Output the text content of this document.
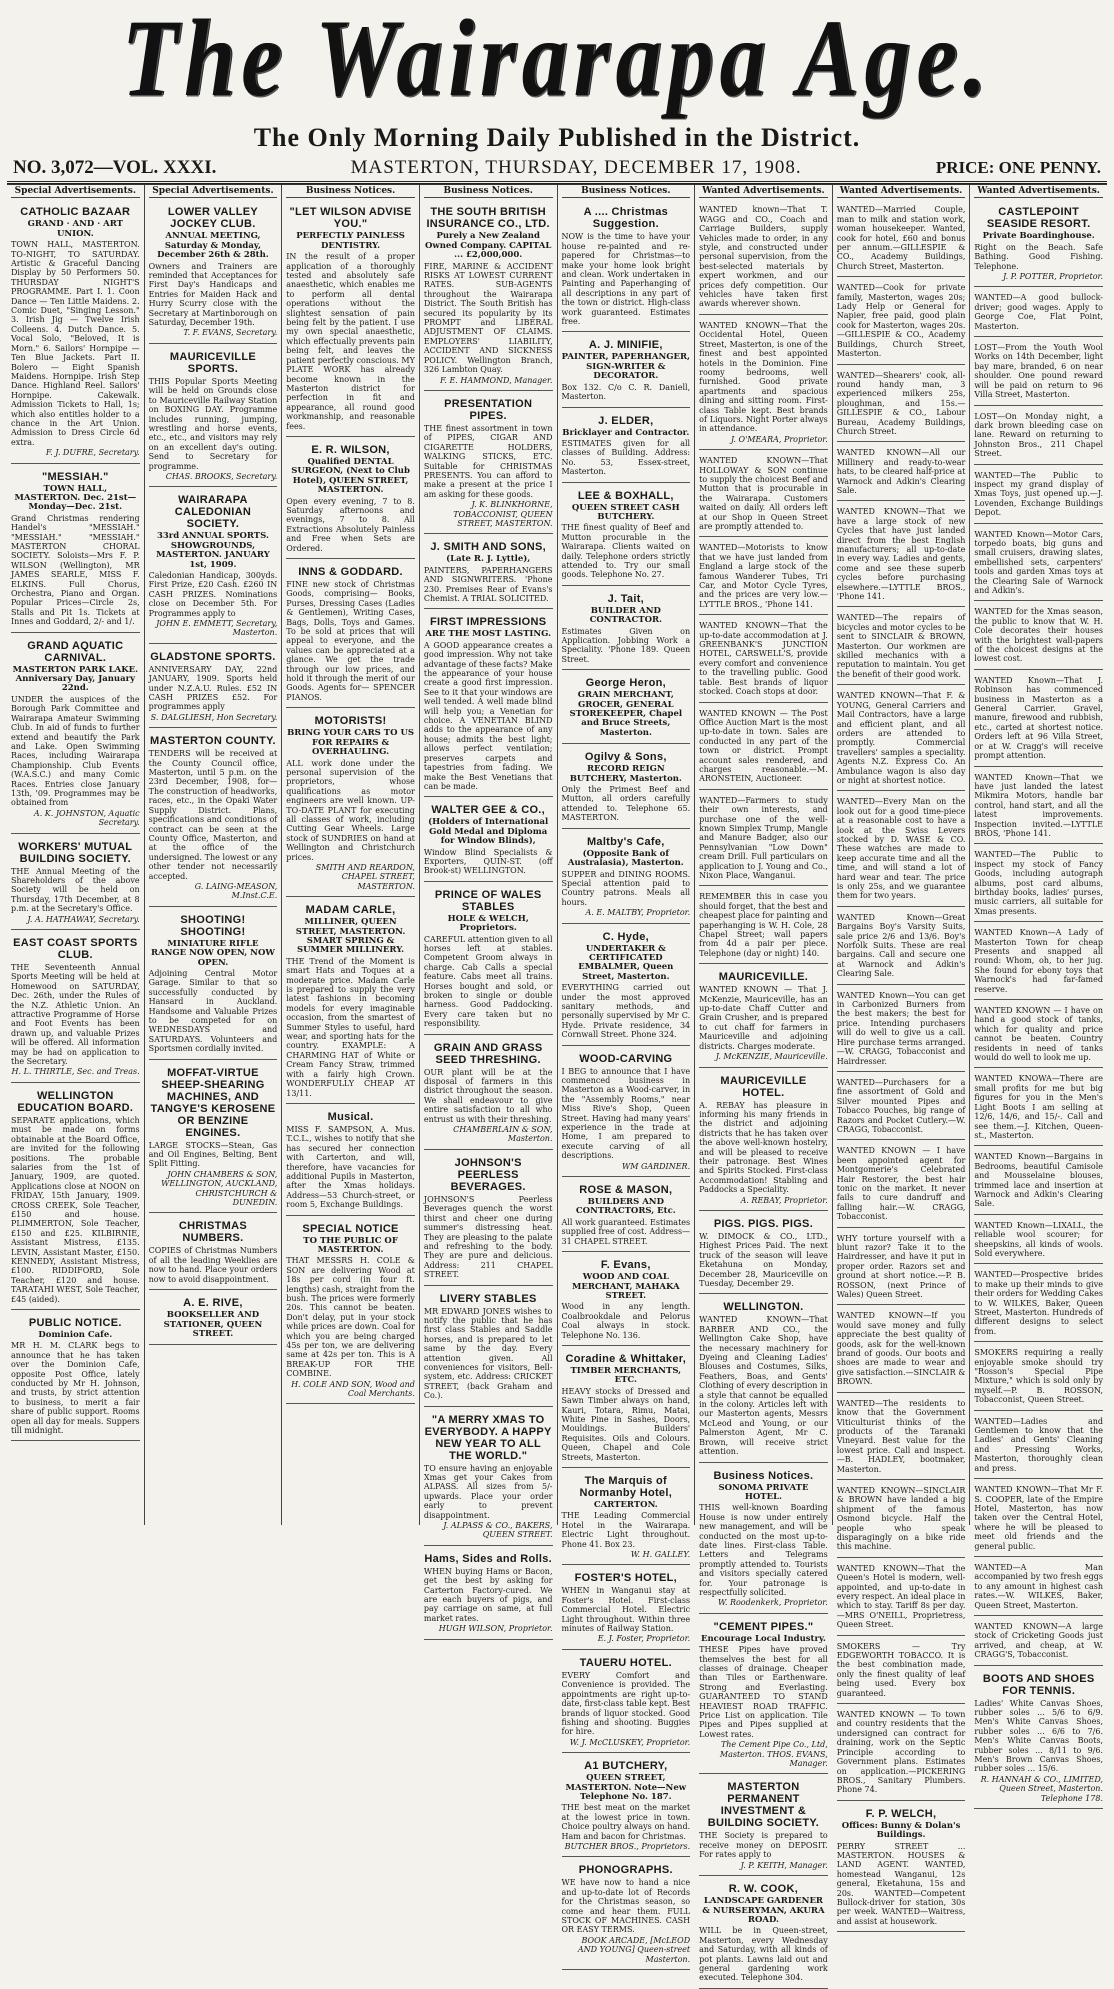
The Wairarapa Age.
The Only Morning Daily Published in the District.
NO. 3,072—VOL. XXXI.	MASTERTON, THURSDAY, DECEMBER 17, 1908.	PRICE: ONE PENNY.
Special Advertisements.
CATHOLIC BAZAAR
GRAND · AND · ART UNION.

TOWN HALL, MASTERTON. TO-NIGHT, TO SATURDAY. Artistic & Graceful Dancing Display by 50 Performers 50. THURSDAY NIGHT'S PROGRAMME. Part I. 1. Coon Dance — Ten Little Maidens. 2. Comic Duet, "Singing Lesson." 3. Irish Jig — Twelve Irish Colleens. 4. Dutch Dance. 5. Vocal Solo, "Beloved, It is Morn." 6. Sailors' Hornpipe — Ten Blue Jackets. Part II. Bolero — Eight Spanish Maidens. Hornpipe. Irish Step Dance. Highland Reel. Sailors' Hornpipe. Cakewalk. Admission Tickets to Hall, 1s; which also entitles holder to a chance in the Art Union. Admission to Dress Circle 6d extra.

F. J. DUFRE, Secretary.

"MESSIAH."
TOWN HALL, MASTERTON. Dec. 21st—Monday—Dec. 21st.

Grand Christmas rendering Handel's "MESSIAH." "MESSIAH." "MESSIAH." MASTERTON CHORAL SOCIETY. Soloists—Mrs F. P. WILSON (Wellington), MR JAMES SEARLE, MISS F. ELKINS. Full Chorus, Orchestra, Piano and Organ. Popular Prices—Circle 2s, Stalls and Pit 1s. Tickets at Innes and Goddard, 2/- and 1/.

GRAND AQUATIC CARNIVAL.
MASTERTON PARK LAKE. Anniversary Day, January 22nd.

UNDER the auspices of the Borough Park Committee and Wairarapa Amateur Swimming Club. In aid of funds to further extend and beautify the Park and Lake. Open Swimming Races, including Wairarapa Championship. Club Events (W.A.S.C.) and many Comic Races. Entries close January 13th, '09. Programmes may be obtained from

A. K. JOHNSTON, Aquatic Secretary.

WORKERS' MUTUAL BUILDING SOCIETY.

THE Annual Meeting of the Shareholders of the above Society will be held on Thursday, 17th December, at 8 p.m. at the Secretary's Office.

J. A. HATHAWAY, Secretary.

EAST COAST SPORTS CLUB.

THE Seventeenth Annual Sports Meeting will be held at Homewood on SATURDAY, Dec. 26th, under the Rules of the N.Z. Athletic Union. An attractive Programme of Horse and Foot Events has been drawn up, and valuable Prizes will be offered. All information may be had on application to the Secretary.

H. L. THIRTLE, Sec. and Treas.

WELLINGTON EDUCATION BOARD.

SEPARATE applications, which must be made on forms obtainable at the Board Office, are invited for the following positions. The probable salaries from the 1st of January, 1909, are quoted. Applications close at NOON on FRIDAY, 15th January, 1909. CROSS CREEK, Sole Teacher, £150 and house. PLIMMERTON, Sole Teacher, £150 and £25. KILBIRNIE, Assistant Mistress, £135. LEVIN, Assistant Master, £150. KENNEDY, Assistant Mistress, £100. RIDDIFORD, Sole Teacher, £120 and house. TARATAHI WEST, Sole Teacher, £45 (aided).

PUBLIC NOTICE.
Dominion Cafe.

MR H. M. CLARK begs to announce that he has taken over the Dominion Cafe, opposite Post Office, lately conducted by Mr H. Johnson, and trusts, by strict attention to business, to merit a fair share of public support. Rooms open all day for meals. Suppers till midnight.

Special Advertisements.
LOWER VALLEY JOCKEY CLUB.
ANNUAL MEETING, Saturday & Monday, December 26th & 28th.

Owners and Trainers are reminded that Acceptances for First Day's Handicaps and Entries for Maiden Hack and Hurry Scurry close with the Secretary at Martinborough on Saturday, December 19th.

T. F. EVANS, Secretary.

MAURICEVILLE SPORTS.

THIS Popular Sports Meeting will be held on Grounds close to Mauriceville Railway Station on BOXING DAY. Programme includes running, jumping, wrestling and horse events, etc., etc., and visitors may rely on an excellent day's outing. Send to Secretary for programme.

CHAS. BROOKS, Secretary.

WAIRARAPA CALEDONIAN SOCIETY.
33rd ANNUAL SPORTS. SHOWGROUNDS, MASTERTON. JANUARY 1st, 1909.

Caledonian Handicap, 300yds. First Prize, £20 Cash. £260 IN CASH PRIZES. Nominations close on December 5th. For Programmes apply to

JOHN E. EMMETT, Secretary, Masterton.

GLADSTONE SPORTS.

ANNIVERSARY DAY, 22nd JANUARY, 1909. Sports held under N.Z.A.U. Rules. £52 IN CASH PRIZES £52. For programmes apply

S. DALGLIESH, Hon Secretary.

MASTERTON COUNTY.

TENDERS will be received at the County Council office, Masterton, until 5 p.m. on the 23rd December, 1908, for— The construction of headworks, races, etc., in the Opaki Water Supply District. Plans, specifications and conditions of contract can be seen at the County Office, Masterton, and at the office of the undersigned. The lowest or any other tender not necessarily accepted.

G. LAING-MEASON, M.Inst.C.E.

SHOOTING! SHOOTING!
MINIATURE RIFLE RANGE NOW OPEN, NOW OPEN.

Adjoining Central Motor Garage. Similar to that so successfully conducted by Hansard in Auckland. Handsome and Valuable Prizes to be competed for on WEDNESDAYS and SATURDAYS. Volunteers and Sportsmen cordially invited.

MOFFAT-VIRTUE SHEEP-SHEARING MACHINES, AND TANGYE'S KEROSENE OR BENZINE ENGINES.

LARGE STOCKS—Stean, Gas and Oil Engines, Belting, Bent Split Fitting.

JOHN CHAMBERS & SON, WELLINGTON, AUCKLAND, CHRISTCHURCH & DUNEDIN.

CHRISTMAS NUMBERS.

COPIES of Christmas Numbers of all the leading Weeklies are now to hand. Place your orders now to avoid disappointment.

A. E. RIVE,
BOOKSELLER AND STATIONER, QUEEN STREET.
Business Notices.
"LET WILSON ADVISE YOU."
PERFECTLY PAINLESS DENTISTRY.

IN the result of a proper application of a thoroughly tested and absolutely safe anaesthetic, which enables me to perform all dental operations without the slightest sensation of pain being felt by the patient. I use my own special anaesthetic, which effectually prevents pain being felt, and leaves the patient perfectly conscious. MY PLATE WORK has already become known in the Masterton district for perfection in fit and appearance, all round good workmanship, and reasonable fees.

E. R. WILSON,
Qualified DENTAL SURGEON, (Next to Club Hotel), QUEEN STREET, MASTERTON.

Open every evening, 7 to 8. Saturday afternoons and evenings, 7 to 8. All Extractions Absolutely Painless and Free when Sets are Ordered.

INNS & GODDARD.

FINE new stock of Christmas Goods, comprising— Books, Purses, Dressing Cases (Ladies & Gentlemen), Writing Cases, Bags, Dolls, Toys and Games. To be sold at prices that will appeal to everyone, and the values can be appreciated at a glance. We get the trade through our low prices, and hold it through the merit of our Goods. Agents for— SPENCER PIANOS.

MOTORISTS!
BRING YOUR CARS TO US FOR REPAIRS & OVERHAULING.

ALL work done under the personal supervision of the proprietors, whose qualifications as motor engineers are well known. UP-TO-DATE PLANT for executing all classes of work, including Cutting Gear Wheels. Large stock of SUNDRIES on hand at Wellington and Christchurch prices.

SMITH AND REARDON, CHAPEL STREET, MASTERTON.

MADAM CARLE,
MILLINER, QUEEN STREET, MASTERTON. SMART SPRING & SUMMER MILLINERY.

THE Trend of the Moment is smart Hats and Toques at a moderate price. Madam Carle is prepared to supply the very latest fashions in becoming models for every imaginable occasion, from the smartest of Summer Styles to useful, hard wear, and sporting hats for the country. EXAMPLE: A CHARMING HAT of White or Cream Fancy Straw, trimmed with a fairly high Crown. WONDERFULLY CHEAP AT 13/11.

Musical.

MISS F. SAMPSON, A. Mus. T.C.L., wishes to notify that she has secured her connection with Carterton, and will, therefore, have vacancies for additional Pupils in Masterton, after the Xmas holidays. Address—53 Church-street, or room 5, Exchange Buildings.

SPECIAL NOTICE
TO THE PUBLIC OF MASTERTON.

THAT MESSRS H. COLE & SON are delivering Wood at 18s per cord (in four ft. lengths) cash, straight from the bush. The prices were formerly 20s. This cannot be beaten. Don't delay, put in your stock while prices are down. Coal for which you are being charged 45s per ton, we are delivering same at 42s per ton. This is A BREAK-UP FOR THE COMBINE.

H. COLE AND SON, Wood and Coal Merchants.

Business Notices.
THE SOUTH BRITISH INSURANCE CO., LTD.
Purely a New Zealand Owned Company. CAPITAL ... £2,000,000.

FIRE, MARINE & ACCIDENT RISKS AT LOWEST CURRENT RATES. SUB-AGENTS throughout the Wairarapa District. The South British has secured its popularity by its PROMPT and LIBERAL ADJUSTMENT OF CLAIMS. EMPLOYERS' LIABILITY, ACCIDENT AND SICKNESS POLICY. Wellington Branch, 326 Lambton Quay.

F. E. HAMMOND, Manager.

PRESENTATION PIPES.

THE finest assortment in town of PIPES, CIGAR AND CIGARETTE HOLDERS, WALKING STICKS, ETC. Suitable for CHRISTMAS PRESENTS. You can afford to make a present at the price I am asking for these goods.

J. K. BLINKHORNE, TOBACCONIST, QUEEN STREET, MASTERTON.

J. SMITH AND SONS,
(Late R. J. Lyttle),

PAINTERS, PAPERHANGERS AND SIGNWRITERS. 'Phone 230. Premises Rear of Evans's Chemist. A TRIAL SOLICITED.

FIRST IMPRESSIONS
ARE THE MOST LASTING.

A GOOD appearance creates a good impression. Why not take advantage of these facts? Make the appearance of your house create a good first impression. See to it that your windows are well tended. A well made blind will help you; a Venetian for choice. A VENETIAN BLIND adds to the appearance of any house; admits the best light; allows perfect ventilation; preserves carpets and tapestries from fading. We make the Best Venetians that can be made.

WALTER GEE & CO.,
(Holders of International Gold Medal and Diploma for Window Blinds),

Window Blind Specialists & Exporters, QUIN-ST. (off Brook-st) WELLINGTON.

PRINCE OF WALES STABLES
HOLE & WELCH, Proprietors.

CAREFUL attention given to all horses left at stables. Competent Groom always in charge. Cab Calls a special feature. Cabs meet all trains. Horses bought and sold, or broken to single or double harness. Good Paddocking. Every care taken but no responsibility.

GRAIN AND GRASS SEED THRESHING.

OUR plant will be at the disposal of farmers in this district throughout the season. We shall endeavour to give entire satisfaction to all who entrust us with their threshing.

CHAMBERLAIN & SON, Masterton.

JOHNSON'S PEERLESS BEVERAGES.

JOHNSON'S Peerless Beverages quench the worst thirst and cheer one during summer's distressing heat. They are pleasing to the palate and refreshing to the body. They are pure and delicious. Address: 211 CHAPEL STREET.

LIVERY STABLES

MR EDWARD JONES wishes to notify the public that he has first class Stables and Saddle horses, and is prepared to let same by the day. Every attention given. All conveniences for visitors, Bell-system, etc. Address: CRICKET STREET, (back Graham and Co.).

"A MERRY XMAS TO EVERYBODY. A HAPPY NEW YEAR TO ALL THE WORLD."

TO ensure having an enjoyable Xmas get your Cakes from ALPASS. All sizes from 5/- upwards. Place your order early to prevent disappointment.

J. ALPASS & CO., BAKERS, QUEEN STREET.

Hams, Sides and Rolls.

WHEN buying Hams or Bacon, get the best by asking for Carterton Factory-cured. We are each buyers of pigs, and pay carriage on same, at full market rates.

HUGH WILSON, Proprietor.

Business Notices.
A .... Christmas Suggestion.

NOW is the time to have your house re-painted and re-papered for Christmas—to make your home look bright and clean. Work undertaken in Painting and Paperhanging of all descriptions in any part of the town or district. High-class work guaranteed. Estimates free.

A. J. MINIFIE,
PAINTER, PAPERHANGER, SIGN-WRITER & DECORATOR.

Box 132. C/o C. R. Daniell, Masterton.

J. ELDER,
Bricklayer and Contractor.

ESTIMATES given for all classes of Building. Address: No. 53, Essex-street, Masterton.

LEE & BOXHALL,
QUEEN STREET CASH BUTCHERY.

THE finest quality of Beef and Mutton procurable in the Wairarapa. Clients waited on daily. Telephone orders strictly attended to. Try our small goods. Telephone No. 27.

J. Tait,
BUILDER AND CONTRACTOR.

Estimates Given on Application. Jobbing Work a Speciality. 'Phone 189. Queen Street.

George Heron,
GRAIN MERCHANT, GROCER, GENERAL STOREKEEPER, Chapel and Bruce Streets, Masterton.
Ogilvy & Sons,
RECORD REIGN BUTCHERY, Masterton.

Only the Primest Beef and Mutton, all orders carefully attended to. Telephone 65. MASTERTON.

Maltby's Cafe,
(Opposite Bank of Australasia), Masterton.

SUPPER and DINING ROOMS. Special attention paid to Country patrons. Meals all hours.

A. E. MALTBY, Proprietor.

C. Hyde,
UNDERTAKER & CERTIFICATED EMBALMER, Queen Street, Masterton.

EVERYTHING carried out under the most approved sanitary methods, and personally supervised by Mr C. Hyde. Private residence, 34 Cornwall Street. Phone 324.

WOOD-CARVING

I BEG to announce that I have commenced business in Masterton as a Wood-carver, in the "Assembly Rooms," near Miss Rive's Shop, Queen Street. Having had many years' experience in the trade at Home, I am prepared to execute carving of all descriptions.

WM GARDINER.

ROSE & MASON,
BUILDERS AND CONTRACTORS, Etc.

All work guaranteed. Estimates supplied free of cost. Address— 31 CHAPEL STREET.

F. Evans,
WOOD AND COAL MERCHANT, MAHAKA STREET.

Wood in any length. Coalbrookdale and Pelorus Coal always in stock. Telephone No. 136.

Coradine & Whittaker,
TIMBER MERCHANTS, ETC.

HEAVY stocks of Dressed and Sawn Timber always on hand, Kauri, Totara, Rimu, Matai, White Pine in Sashes, Doors, Mouldings. Builders' Requisites. Oils and Colours. Queen, Chapel and Cole Streets, Masterton.

The Marquis of Normanby Hotel,
CARTERTON.

THE Leading Commercial Hotel in the Wairarapa. Electric Light throughout. Phone 41. Box 23.

W. H. GALLEY.

FOSTER'S HOTEL,

WHEN in Wanganui stay at Foster's Hotel. First-class Commercial Hotel. Electric Light throughout. Within three minutes of Railway Station.

E. J. Foster, Proprietor.

TAUERU HOTEL.

EVERY Comfort and Convenience is provided. The appointments are right up-to-date, first-class table kept. Best brands of liquor stocked. Good fishing and shooting. Buggies for hire.

W. J. McCLUSKEY, Proprietor.

A1 BUTCHERY,
QUEEN STREET, MASTERTON. Note—New Telephone No. 187.

THE best meat on the market at the lowest price in town. Choice poultry always on hand. Ham and bacon for Christmas.

BUTCHER BROS., Proprietors.

PHONOGRAPHS.

WE have now to hand a nice and up-to-date lot of Records for the Christmas season, so come and hear them. FULL STOCK OF MACHINES. CASH OR EASY TERMS.

BOOK ARCADE, [McLEOD AND YOUNG] Queen-street Masterton.

Wanted Advertisements.

WANTED known—That T. WAGG and CO., Coach and Carriage Builders, supply Vehicles made to order, in any style, and constructed under personal supervision, from the best-selected materials by expert workmen, and our prices defy competition. Our vehicles have taken first awards wherever shown.

WANTED KNOWN—That the Occidental Hotel, Queen Street, Masterton, is one of the finest and best appointed hotels in the Dominion. Fine roomy bedrooms, well furnished. Good private apartments and spacious dining and sitting room. First-class Table kept. Best brands of Liquors. Night Porter always in attendance.

J. O'MEARA, Proprietor.

WANTED KNOWN—That HOLLOWAY & SON continue to supply the choicest Beef and Mutton that is procurable in the Wairarapa. Customers waited on daily. All orders left at our Shop in Queen Street are promptly attended to.

WANTED—Motorists to know that we have just landed from England a large stock of the famous Wanderer Tubes, Tri Car, and Motor Cycle Tyres, and the prices are very low.—LYTTLE BROS., 'Phone 141.

WANTED KNOWN—That the up-to-date accommodation at J. GREENBANK'S JUNCTION HOTEL, CARSWELL'S, provide every comfort and convenience to the travelling public. Good table. Best brands of liquor stocked. Coach stops at door.

WANTED KNOWN — The Post Office Auction Mart is the most up-to-date in town. Sales are conducted in any part of the town or district. Prompt account sales rendered, and charges reasonable.—M. ARONSTEIN, Auctioneer.

WANTED—Farmers to study their own interests, and purchase one of the well-known Simplex Trump, Mangle and Manure Badger, also our Pennsylvanian "Low Down" cream Drill. Full particulars on application to J. Young and Co., Nixon Place, Wanganui.

REMEMBER this in case you should forget, that the best and cheapest place for painting and paperhanging is W. H. Cole, 28 Chapel Street; wall papers from 4d a pair per piece. Telephone (day or night) 140.

MAURICEVILLE.

WANTED KNOWN — That J. McKenzie, Mauriceville, has an up-to-date Chaff Cutter and Grain Crusher, and is prepared to cut chaff for farmers in Mauriceville and adjoining districts. Charges moderate.

J. McKENZIE, Mauriceville.

MAURICEVILLE HOTEL.

A. REBAY has pleasure in informing his many friends in the district and adjoining districts that he has taken over the above well-known hostelry, and will be pleased to receive their patronage. Best Wines and Spirits Stocked. First-class Accommodation! Stabling and Paddocks a Speciality.

A. REBAY, Proprietor.

PIGS. PIGS. PIGS.

W. DIMOCK & CO., LTD., Highest Prices Paid. The next truck of the season will leave Eketahuna on Monday, December 28, Mauriceville on Tuesday, December 29.

WELLINGTON.

WANTED KNOWN—That BARBER AND CO., the Wellington Cake Shop, have the necessary machinery for Dyeing and Cleaning Ladies' Blouses and Costumes, Silks, Feathers, Boas, and Gents' Clothing of every description in a style that cannot be equalled in the colony. Articles left with our Masterton agents, Messrs McLeod and Young, or our Palmerston Agent, Mr C. Brown, will receive strict attention.

Business Notices.
SONOMA PRIVATE HOTEL.

THIS well-known Boarding House is now under entirely new management, and will be conducted on the most up-to-date lines. First-class Table. Letters and Telegrams promptly attended to. Tourists and visitors specially catered for. Your patronage is respectfully solicited.

W. Roodenkerk, Proprietor.

"CEMENT PIPES."
Encourage Local Industry.

THESE Pipes have proved themselves the best for all classes of drainage. Cheaper than Tiles or Earthenware. Strong and Everlasting. GUARANTEED TO STAND HEAVIEST ROAD TRAFFIC. Price List on application. Tile Pipes and Pipes supplied at Lowest rates.

The Cement Pipe Co., Ltd, Masterton. THOS. EVANS, Manager.

MASTERTON PERMANENT INVESTMENT & BUILDING SOCIETY.

THE Society is prepared to receive money on DEPOSIT. For rates apply to

J. P. KEITH, Manager.

R. W. COOK,
LANDSCAPE GARDENER & NURSERYMAN, AKURA ROAD.

WILL be in Queen-street, Masterton, every Wednesday and Saturday, with all kinds of pot plants. Lawns laid out and general gardening work executed. Telephone 304.

Wanted Advertisements.

WANTED—Married Couple, man to milk and station work, woman housekeeper. Wanted, cook for hotel, £60 and bonus per annum.—GILLESPIE & CO., Academy Buildings, Church Street, Masterton.

WANTED—Cook for private family, Masterton, wages 20s; Lady Help or General for Napier, free paid, good plain cook for Masterton, wages 20s.—GILLESPIE & CO., Academy Buildings, Church Street, Masterton.

WANTED—Shearers' cook, all-round handy man, 3 experienced milkers 25s, ploughman, and 15s.—GILLESPIE & CO., Labour Bureau, Academy Buildings, Church Street.

WANTED KNOWN—All our Millinery and ready-to-wear hats, to be cleared half-price at Warnock and Adkin's Clearing Sale.

WANTED KNOWN—That we have a large stock of new Cycles that have just landed direct from the best English manufacturers; all up-to-date in every way. Ladies and gents, come and see these superb cycles before purchasing elsewhere.—LYTTLE BROS., 'Phone 141.

WANTED—The repairs of bicycles and motor cycles to be sent to SINCLAIR & BROWN, Masterton. Our workmen are skilled mechanics with a reputation to maintain. You get the benefit of their good work.

WANTED KNOWN—That F. & YOUNG, General Carriers and Mail Contractors, have a large and efficient plant, and all orders are attended to promptly. Commercial travellers' samples a speciality. Agents N.Z. Express Co. An Ambulance wagon is also day or night at shortest notice.

WANTED—Every Man on the look out for a good time-piece at a reasonable cost to have a look at the Swiss Levers stocked by D. WASE & CO. These watches are made to keep accurate time and all the time, and will stand a lot of hard wear and tear. The price is only 25s, and we guarantee them for two years.

WANTED Known—Great Bargains Boy's Varsity Suits, sale price 2/6 and 13/6. Boy's Norfolk Suits. These are real bargains. Call and secure one at Warnock and Adkin's Clearing Sale.

WANTED Known—You can get in Carbonized Burners from the best makers; the best for price. Intending purchasers will do well to give us a call. Hire purchase terms arranged.—W. CRAGG, Tobacconist and Hairdresser.

WANTED—Purchasers for a fine assortment of Gold and Silver mounted Pipes and Tobacco Pouches, big range of Razors and Pocket Cutlery.—W. CRAGG, Tobacconist.

WANTED KNOWN — I have been appointed agent for Montgomerie's Celebrated Hair Restorer, the best hair tonic on the market. It never fails to cure dandruff and falling hair.—W. CRAGG, Tobacconist.

WHY torture yourself with a blunt razor? Take it to the Hairdresser, and have it put in proper order. Razors set and ground at short notice.—P. B. ROSSON, (next Prince of Wales) Queen Street.

WANTED KNOWN—If you would save money and fully appreciate the best quality of goods, ask for the well-known brand of goods. Our boots and shoes are made to wear and give satisfaction.—SINCLAIR & BROWN.

WANTED—The residents to know that the Government Viticulturist thinks of the products of the Taranaki Vineyard. Best value for the lowest price. Call and inspect.—B. HADLEY, bootmaker, Masterton.

WANTED KNOWN—SINCLAIR & BROWN have landed a big shipment of the famous Osmond bicycle. Half the people who speak disparagingly on a bike ride this machine.

WANTED KNOWN—That the Queen's Hotel is modern, well-appointed, and up-to-date in every respect. An ideal place in which to stay. Tariff 8s per day.—MRS O'NEILL, Proprietress, Queen Street.

SMOKERS — Try EDGEWORTH TOBACCO. It is the best combination made, only the finest quality of leaf being used. Every box guaranteed.

WANTED KNOWN — To town and country residents that the undersigned can contract for draining, work on the Septic Principle according to Government plans. Estimates on application.—PICKERING BROS., Sanitary Plumbers. Phone 74.

F. P. WELCH,
Offices: Bunny & Dolan's Buildings.

PERRY STREET ... MASTERTON. HOUSES & LAND AGENT. WANTED, homestead Wanganui, 12s general, Eketahuna, 15s and 20s. WANTED—Competent Bullock-driver for station, 30s per week. WANTED—Waitress, and assist at housework.

Wanted Advertisements.
CASTLEPOINT SEASIDE RESORT.
Private Boardinghouse.

Right on the Beach. Safe Bathing. Good Fishing. Telephone.

J. P. POTTER, Proprietor.

WANTED—A good bullock-driver; good wages. Apply to George Coe, Flat Point, Masterton.

LOST—From the Youth Wool Works on 14th December, light bay mare, branded, 6 on near shoulder. One pound reward will be paid on return to 96 Villa Street, Masterton.

LOST—On Monday night, a dark brown bleeding case on lane. Reward on returning to Johnston Bros., 211 Chapel Street.

WANTED—The Public to inspect my grand display of Xmas Toys, just opened up.—J. Lovenden, Exchange Buildings Depot.

WANTED Known—Motor Cars, torpedo boats, big guns and small cruisers, drawing slates, embellished sets, carpenters' tools and garden Xmas toys at the Clearing Sale of Warnock and Adkin's.

WANTED for the Xmas season, the public to know that W. H. Cole decorates their houses with the brightest wall-papers of the choicest designs at the lowest cost.

WANTED Known—That J. Robinson has commenced business in Masterton as a General Carrier. Gravel, manure, firewood and rubbish, etc., carted at shortest notice. Orders left at 96 Villa Street, or at W. Cragg's will receive prompt attention.

WANTED Known—That we have just landed the latest Mikmira Motors, handle bar control, hand start, and all the latest improvements. Inspection invited.—LYTTLE BROS, 'Phone 141.

WANTED—The Public to inspect my stock of Fancy Goods, including autograph albums, post card albums, birthday books, ladies' purses, music carriers, all suitable for Xmas presents.

WANTED Known—A Lady of Masterton Town for cheap Presents and snapped all round: Whom, oh, to her jug. She found for ebony toys that Warnock's had far-famed reserve.

WANTED KNOWN — I have on hand a good stock of tanks, which for quality and price cannot be beaten. Country residents in need of tanks would do well to look me up.

WANTED KNOWA—There are small profits for me but big figures for you in the Men's Light Boots I am selling at 12/6, 14/6, and 15/-. Call and see them.—J. Kitchen, Queen-st., Masterton.

WANTED Known—Bargains in Bedrooms, beautiful Camisole and Mousselaine blouses, trimmed lace and insertion at Warnock and Adkin's Clearing Sale.

WANTED Known—LIXALL, the reliable wool scourer; for sheepskins, all kinds of wools. Sold everywhere.

WANTED—Prospective brides to make up their minds to give their orders for Wedding Cakes to W. WILKES, Baker, Queen Street, Masterton. Hundreds of different designs to select from.

SMOKERS requiring a really enjoyable smoke should try "Rosson's Special Pipe Mixture," which is sold only by myself.—P. B. ROSSON, Tobacconist, Queen Street.

WANTED—Ladies and Gentlemen to know that the Ladies' and Gents' Cleaning and Pressing Works, Masterton, thoroughly clean and press.

WANTED KNOWN—That Mr F. S. COOPER, late of the Empire Hotel, Masterton, has now taken over the Central Hotel, where he will be pleased to meet old friends and the general public.

WANTED—A Man accompanied by two fresh eggs to any amount in highest cash rates.—W. WILKES, Baker, Queen Street, Masterton.

WANTED KNOWN—A large stock of Cricketing Goods just arrived, and cheap, at W. CRAGG'S, Tobacconist.

BOOTS AND SHOES FOR TENNIS.

Ladies' White Canvas Shoes, rubber soles ... 5/6 to 6/9. Men's White Canvas Shoes, rubber soles ... 6/6 to 7/6. Men's White Canvas Boots, rubber soles ... 8/11 to 9/6. Men's Brown Canvas Shoes, rubber soles ... 15/6.

R. HANNAH & CO., LIMITED, Queen Street, Masterton. Telephone 178.
